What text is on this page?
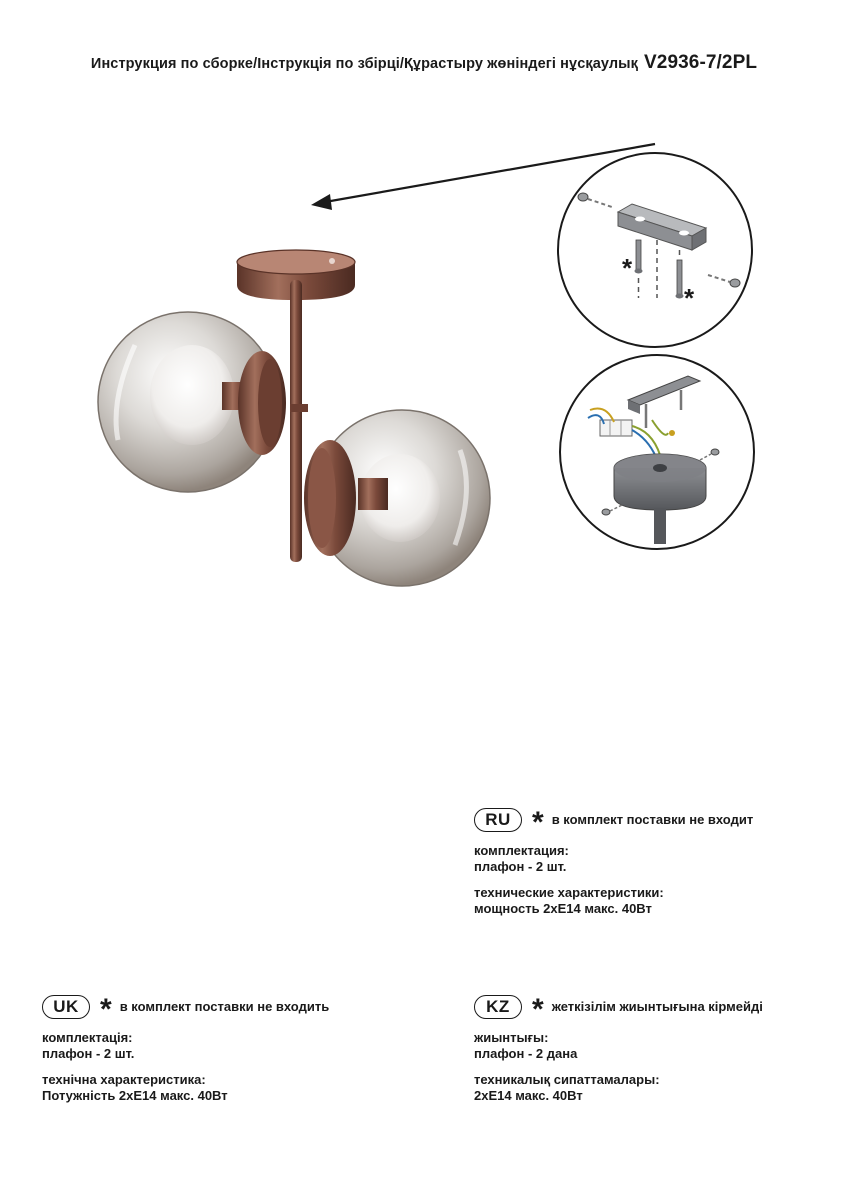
Инструкция по сборке/Інструкція по збірці/Құрастыру жөніндегі нұсқаулық V2936-7/2PL
*
*
RU * в комплект поставки не входит
комплектация:
плафон - 2 шт.
технические характеристики:
мощность 2хЕ14 макс. 40Вт
UK * в комплект поставки не входить
комплектація:
плафон - 2 шт.
технічна характеристика:
Потужність 2хЕ14 макс. 40Вт
KZ * жеткізілім жиынтығына кірмейді
жиынтығы:
плафон - 2 дана
техникалық сипаттамалары:
2хЕ14 макс. 40Вт
